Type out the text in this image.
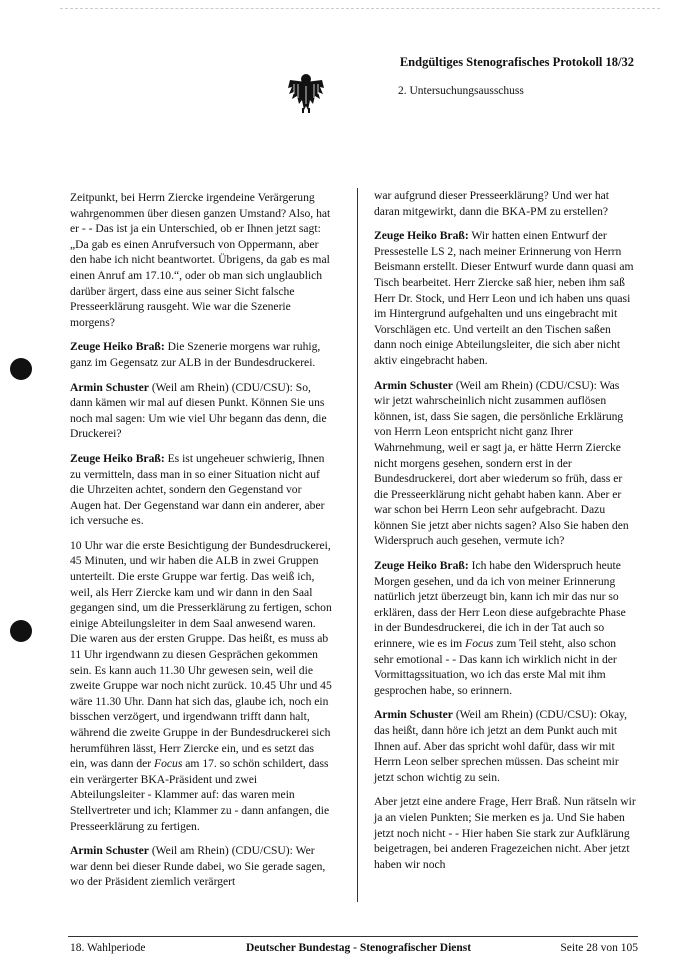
Endgültiges Stenografisches Protokoll 18/32
2. Untersuchungsausschuss

Zeitpunkt, bei Herrn Ziercke irgendeine Verärgerung wahrgenommen über diesen ganzen Umstand? Also, hat er - - Das ist ja ein Unterschied, ob er Ihnen jetzt sagt: „Da gab es einen Anrufversuch von Oppermann, aber den habe ich nicht beantwortet. Übrigens, da gab es mal einen Anruf am 17.10.“, oder ob man sich unglaublich darüber ärgert, dass eine aus seiner Sicht falsche Presseerklärung rausgeht. Wie war die Szenerie morgens?

Zeuge Heiko Braß: Die Szenerie morgens war ruhig, ganz im Gegensatz zur ALB in der Bundesdruckerei.

Armin Schuster (Weil am Rhein) (CDU/CSU): So, dann kämen wir mal auf diesen Punkt. Können Sie uns noch mal sagen: Um wie viel Uhr begann das denn, die Druckerei?

Zeuge Heiko Braß: Es ist ungeheuer schwierig, Ihnen zu vermitteln, dass man in so einer Situation nicht auf die Uhrzeiten achtet, sondern den Gegenstand vor Augen hat. Der Gegenstand war dann ein anderer, aber ich versuche es.

10 Uhr war die erste Besichtigung der Bundesdruckerei, 45 Minuten, und wir haben die ALB in zwei Gruppen unterteilt. Die erste Gruppe war fertig. Das weiß ich, weil, als Herr Ziercke kam und wir dann in den Saal gegangen sind, um die Presserklärung zu fertigen, schon einige Abteilungsleiter in dem Saal anwesend waren. Die waren aus der ersten Gruppe. Das heißt, es muss ab 11 Uhr irgendwann zu diesen Gesprächen gekommen sein. Es kann auch 11.30 Uhr gewesen sein, weil die zweite Gruppe war noch nicht zurück. 10.45 Uhr und 45 wäre 11.30 Uhr. Dann hat sich das, glaube ich, noch ein bisschen verzögert, und irgendwann trifft dann halt, während die zweite Gruppe in der Bundesdruckerei sich herumführen lässt, Herr Ziercke ein, und es setzt das ein, was dann der Focus am 17. so schön schildert, dass ein verärgerter BKA-Präsident und zwei Abteilungsleiter - Klammer auf: das waren mein Stellvertreter und ich; Klammer zu - dann anfangen, die Presseerklärung zu fertigen.

Armin Schuster (Weil am Rhein) (CDU/CSU): Wer war denn bei dieser Runde dabei, wo Sie gerade sagen, wo der Präsident ziemlich verärgert

war aufgrund dieser Presseerklärung? Und wer hat daran mitgewirkt, dann die BKA-PM zu erstellen?

Zeuge Heiko Braß: Wir hatten einen Entwurf der Pressestelle LS 2, nach meiner Erinnerung von Herrn Beismann erstellt. Dieser Entwurf wurde dann quasi am Tisch bearbeitet. Herr Ziercke saß hier, neben ihm saß Herr Dr. Stock, und Herr Leon und ich haben uns quasi im Hintergrund aufgehalten und uns eingebracht mit Vorschlägen etc. Und verteilt an den Tischen saßen dann noch einige Abteilungsleiter, die sich aber nicht aktiv eingebracht haben.

Armin Schuster (Weil am Rhein) (CDU/CSU): Was wir jetzt wahrscheinlich nicht zusammen auflösen können, ist, dass Sie sagen, die persönliche Erklärung von Herrn Leon entspricht nicht ganz Ihrer Wahrnehmung, weil er sagt ja, er hätte Herrn Ziercke nicht morgens gesehen, sondern erst in der Bundesdruckerei, dort aber wiederum so früh, dass er die Presseerklärung nicht gehabt haben kann. Aber er war schon bei Herrn Leon sehr aufgebracht. Dazu können Sie jetzt aber nichts sagen? Also Sie haben den Widerspruch auch gesehen, vermute ich?

Zeuge Heiko Braß: Ich habe den Widerspruch heute Morgen gesehen, und da ich von meiner Erinnerung natürlich jetzt überzeugt bin, kann ich mir das nur so erklären, dass der Herr Leon diese aufgebrachte Phase in der Bundesdruckerei, die ich in der Tat auch so erinnere, wie es im Focus zum Teil steht, also schon sehr emotional - - Das kann ich wirklich nicht in der Vormittagssituation, wo ich das erste Mal mit ihm gesprochen habe, so erinnern.

Armin Schuster (Weil am Rhein) (CDU/CSU): Okay, das heißt, dann höre ich jetzt an dem Punkt auch mit Ihnen auf. Aber das spricht wohl dafür, dass wir mit Herrn Leon selber sprechen müssen. Das scheint mir jetzt schon wichtig zu sein.

Aber jetzt eine andere Frage, Herr Braß. Nun rätseln wir ja an vielen Punkten; Sie merken es ja. Und Sie haben jetzt noch nicht - - Hier haben Sie stark zur Aufklärung beigetragen, bei anderen Fragezeichen nicht. Aber jetzt haben wir noch

18. Wahlperiode	Deutscher Bundestag - Stenografischer Dienst	Seite 28 von 105
